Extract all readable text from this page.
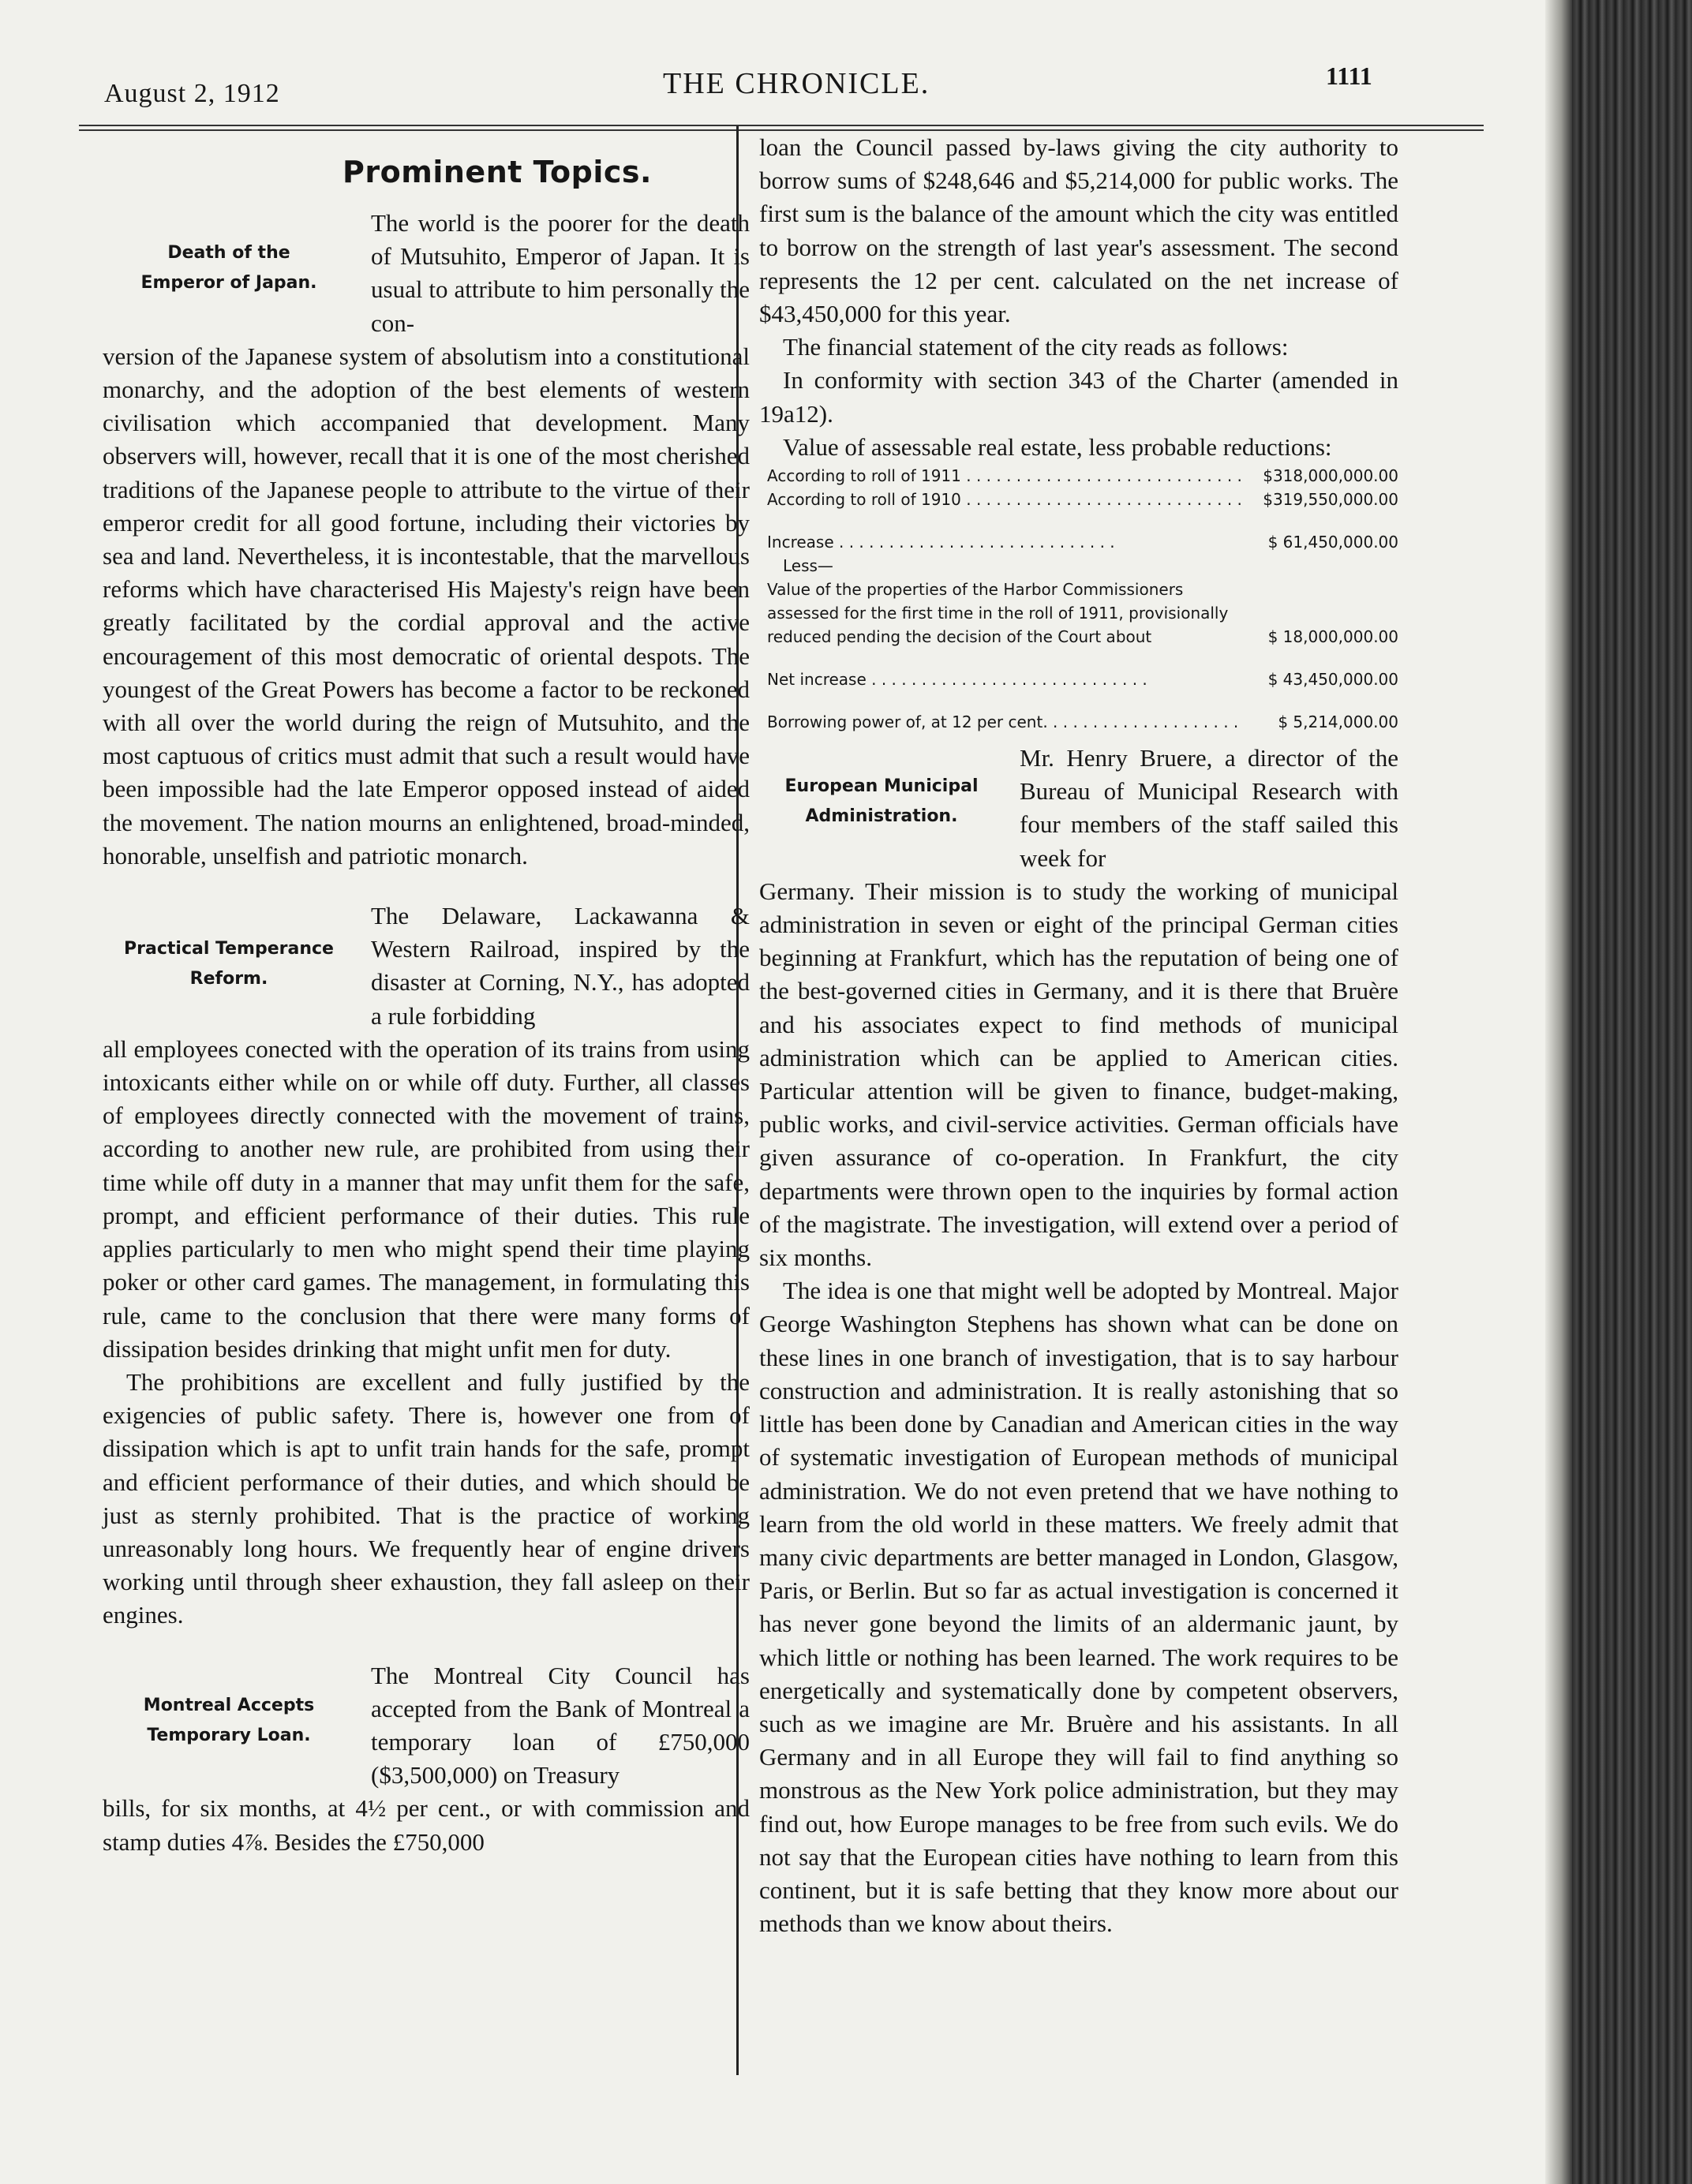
August 2, 1912	THE CHRONICLE.	1111
Prominent Topics.
Death of the
Emperor of Japan.

The world is the poorer for the death of Mutsuhito, Emperor of Japan. It is usual to attribute to him personally the con-

version of the Japanese system of absolutism into a constitutional monarchy, and the adoption of the best elements of western civilisation which accompanied that development. Many observers will, however, recall that it is one of the most cherished traditions of the Japanese people to attribute to the virtue of their emperor credit for all good fortune, including their victories by sea and land. Nevertheless, it is incontestable, that the marvellous reforms which have characterised His Majesty's reign have been greatly facilitated by the cordial approval and the active encouragement of this most democratic of oriental despots. The youngest of the Great Powers has become a factor to be reckoned with all over the world during the reign of Mutsuhito, and the most captuous of critics must admit that such a result would have been impossible had the late Emperor opposed instead of aided the movement. The nation mourns an enlightened, broad-minded, honorable, unselfish and patriotic monarch.

Practical Temperance
Reform.

The Delaware, Lackawanna & Western Railroad, inspired by the disaster at Corning, N.Y., has adopted a rule forbidding

all employees conected with the operation of its trains from using intoxicants either while on or while off duty. Further, all classes of employees directly connected with the movement of trains, according to another new rule, are prohibited from using their time while off duty in a manner that may unfit them for the safe, prompt, and efficient performance of their duties. This rule applies particularly to men who might spend their time playing poker or other card games. The management, in formulating this rule, came to the conclusion that there were many forms of dissipation besides drinking that might unfit men for duty.

The prohibitions are excellent and fully justified by the exigencies of public safety. There is, however one from of dissipation which is apt to unfit train hands for the safe, prompt and efficient performance of their duties, and which should be just as sternly prohibited. That is the practice of working unreasonably long hours. We frequently hear of engine drivers working until through sheer exhaustion, they fall asleep on their engines.

Montreal Accepts
Temporary Loan.

The Montreal City Council has accepted from the Bank of Montreal a temporary loan of £750,000 ($3,500,000) on Treasury

bills, for six months, at 4½ per cent., or with commission and stamp duties 4⅞. Besides the £750,000

loan the Council passed by-laws giving the city authority to borrow sums of $248,646 and $5,214,000 for public works. The first sum is the balance of the amount which the city was entitled to borrow on the strength of last year's assessment. The second represents the 12 per cent. calculated on the net increase of $43,450,000 for this year.

The financial statement of the city reads as follows:

In conformity with section 343 of the Charter (amended in 19a12).

Value of assessable real estate, less probable reductions:

According to roll of 1911 . . .	$318,000,000.00
According to roll of 1910 . . .	$319,550,000.00
Increase . . .	$ 61,450,000.00
Less—
Value of the properties of the Harbor Commissioners assessed for the first time in the roll of 1911, provisionally reduced pending the decision of the Court about	$ 18,000,000.00
Net increase . . .	$ 43,450,000.00
Borrowing power of, at 12 per cent. . . .	$ 5,214,000.00
European Municipal
Administration.

Mr. Henry Bruere, a director of the Bureau of Municipal Research with four members of the staff sailed this week for

Germany. Their mission is to study the working of municipal administration in seven or eight of the principal German cities beginning at Frankfurt, which has the reputation of being one of the best-governed cities in Germany, and it is there that Bruère and his associates expect to find methods of municipal administration which can be applied to American cities. Particular attention will be given to finance, budget-making, public works, and civil-service activities. German officials have given assurance of co-operation. In Frankfurt, the city departments were thrown open to the inquiries by formal action of the magistrate. The investigation, will extend over a period of six months.

The idea is one that might well be adopted by Montreal. Major George Washington Stephens has shown what can be done on these lines in one branch of investigation, that is to say harbour construction and administration. It is really astonishing that so little has been done by Canadian and American cities in the way of systematic investigation of European methods of municipal administration. We do not even pretend that we have nothing to learn from the old world in these matters. We freely admit that many civic departments are better managed in London, Glasgow, Paris, or Berlin. But so far as actual investigation is concerned it has never gone beyond the limits of an aldermanic jaunt, by which little or nothing has been learned. The work requires to be energetically and systematically done by competent observers, such as we imagine are Mr. Bruère and his assistants. In all Germany and in all Europe they will fail to find anything so monstrous as the New York police administration, but they may find out, how Europe manages to be free from such evils. We do not say that the European cities have nothing to learn from this continent, but it is safe betting that they know more about our methods than we know about theirs.
